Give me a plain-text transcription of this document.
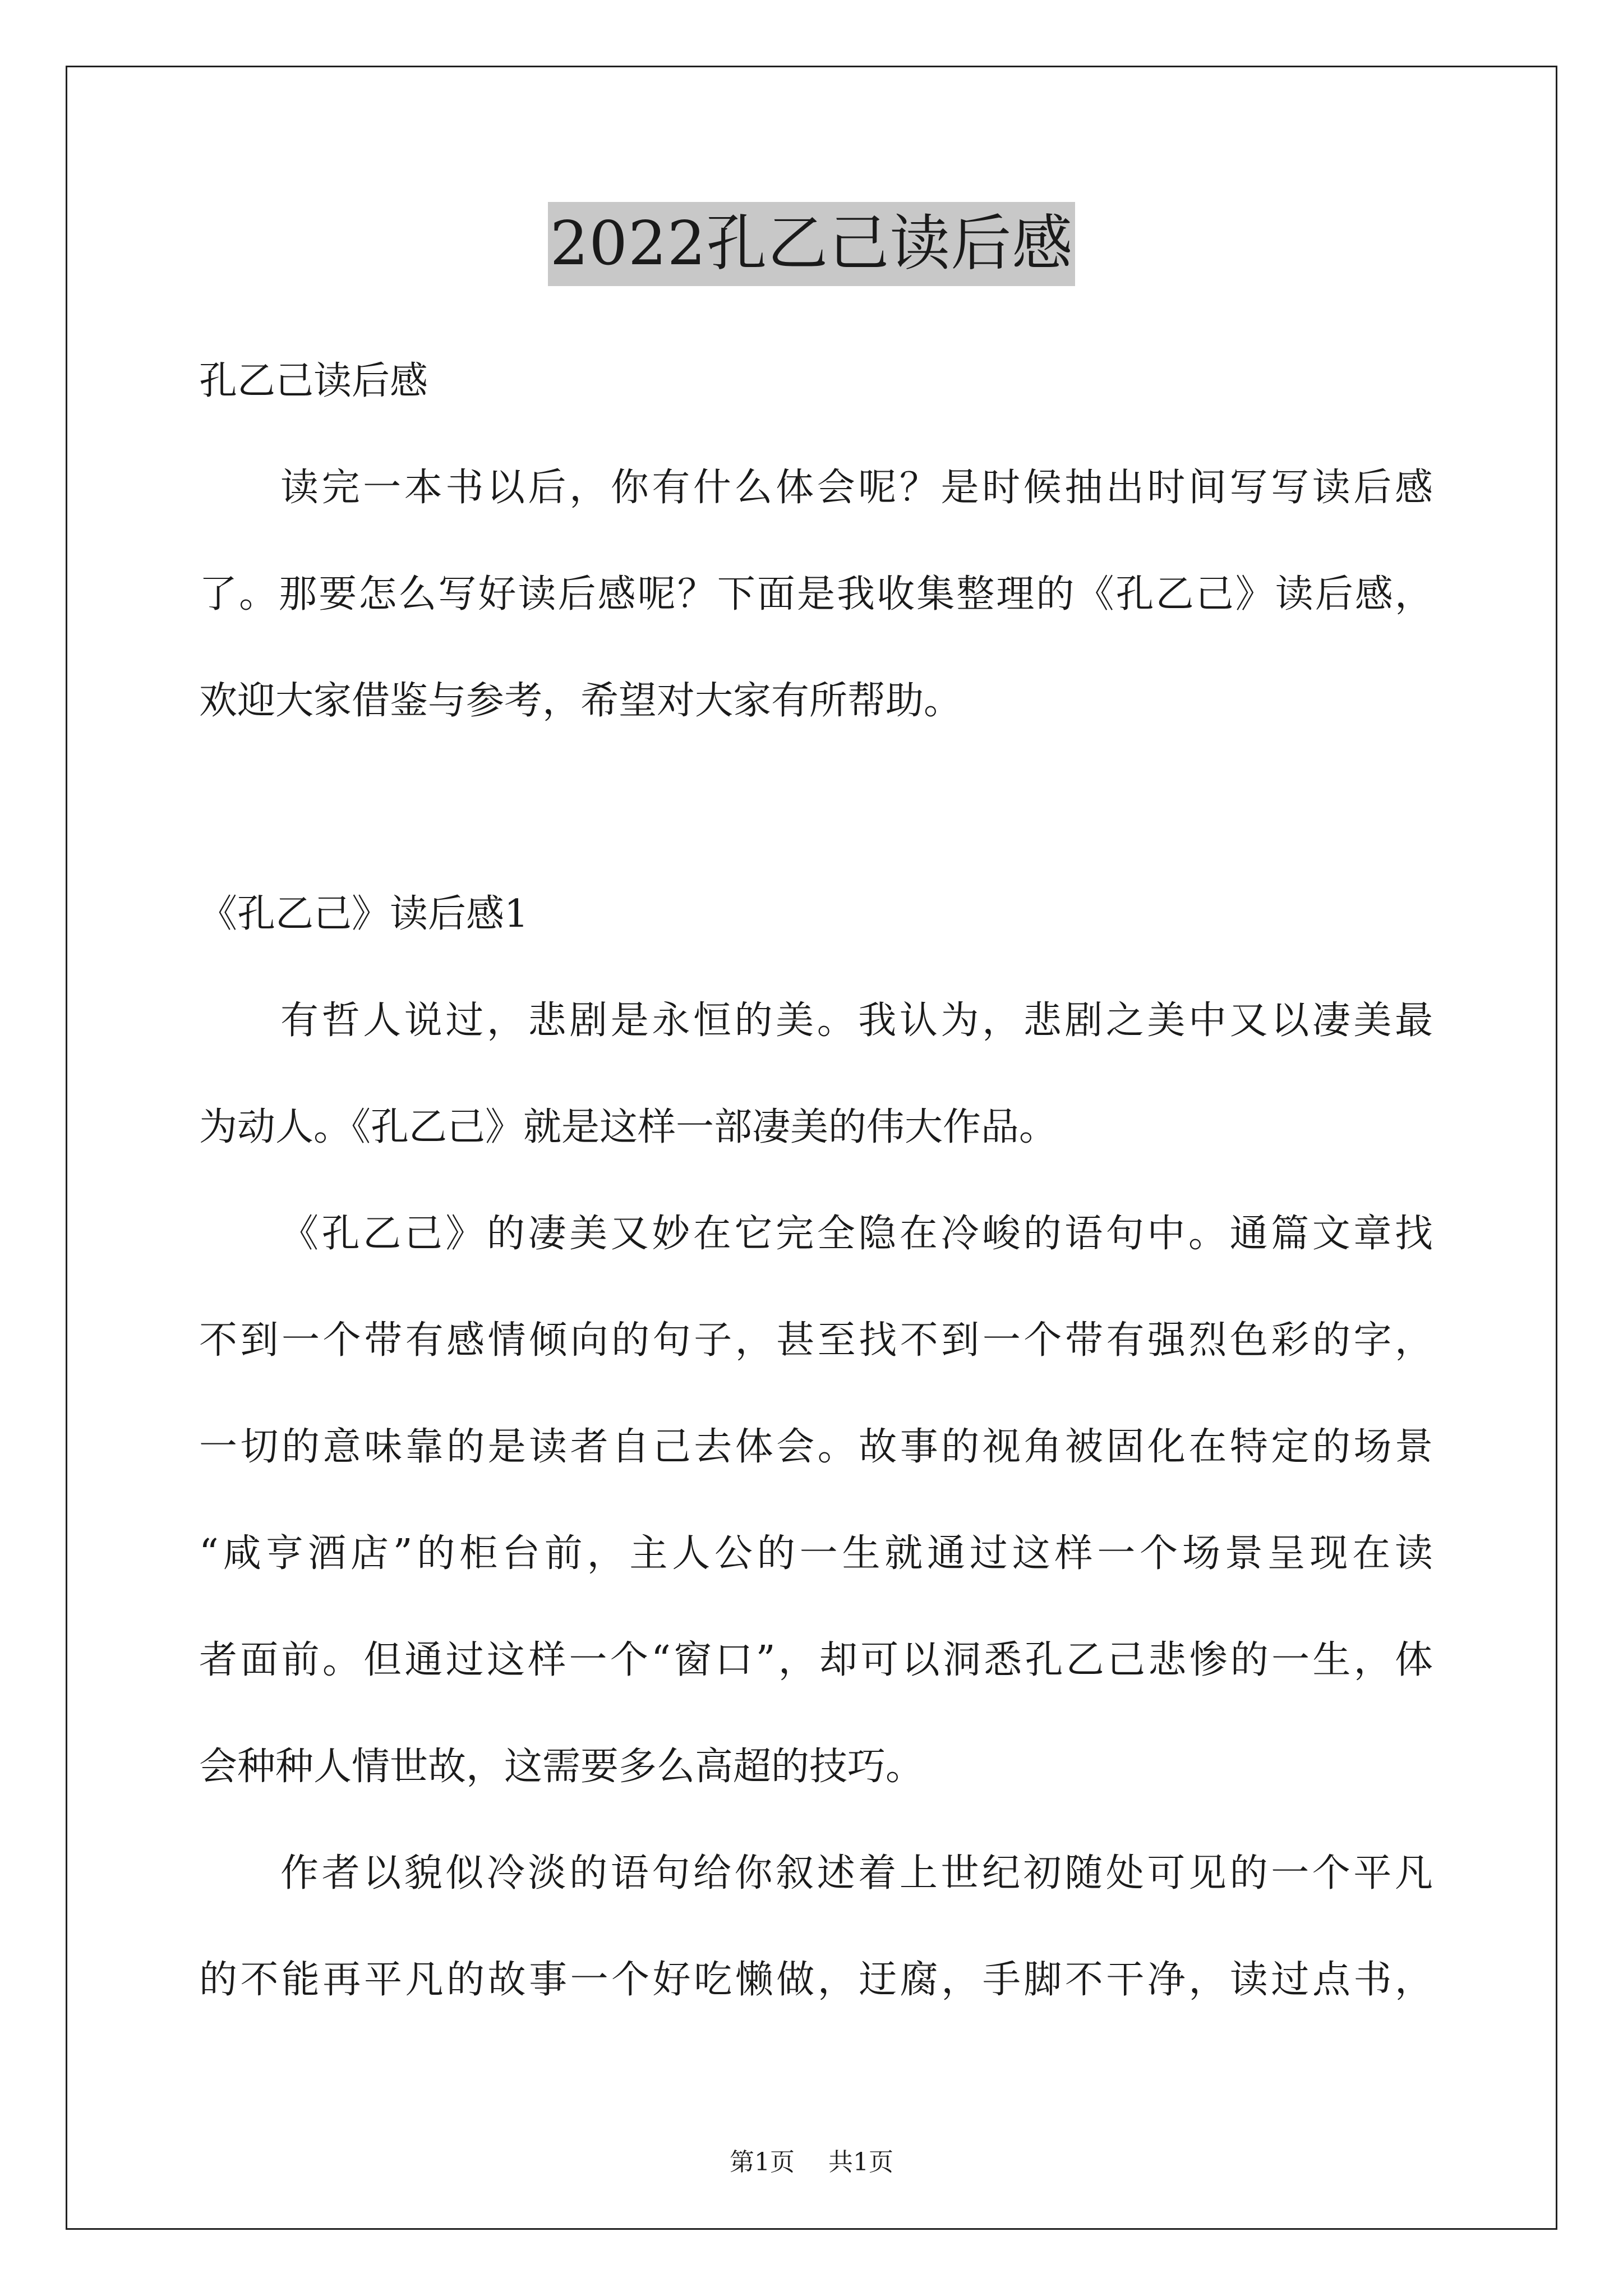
2022孔乙己读后感
孔乙己读后感
读完一本书以后，你有什么体会呢？是时候抽出时间写写读后感
了。那要怎么写好读后感呢？下面是我收集整理的《孔乙己》读后感，
欢迎大家借鉴与参考，希望对大家有所帮助。
《孔乙己》读后感1
有哲人说过，悲剧是永恒的美。我认为，悲剧之美中又以凄美最
为动人。《孔乙己》就是这样一部凄美的伟大作品。
《孔乙己》的凄美又妙在它完全隐在冷峻的语句中。通篇文章找
不到一个带有感情倾向的句子，甚至找不到一个带有强烈色彩的字，
一切的意味靠的是读者自己去体会。故事的视角被固化在特定的场景
“咸亨酒店”的柜台前，主人公的一生就通过这样一个场景呈现在读
者面前。但通过这样一个“窗口”，却可以洞悉孔乙己悲惨的一生，体
会种种人情世故，这需要多么高超的技巧。
作者以貌似冷淡的语句给你叙述着上世纪初随处可见的一个平凡
的不能再平凡的故事一个好吃懒做，迂腐，手脚不干净，读过点书，
第1页 共1页
